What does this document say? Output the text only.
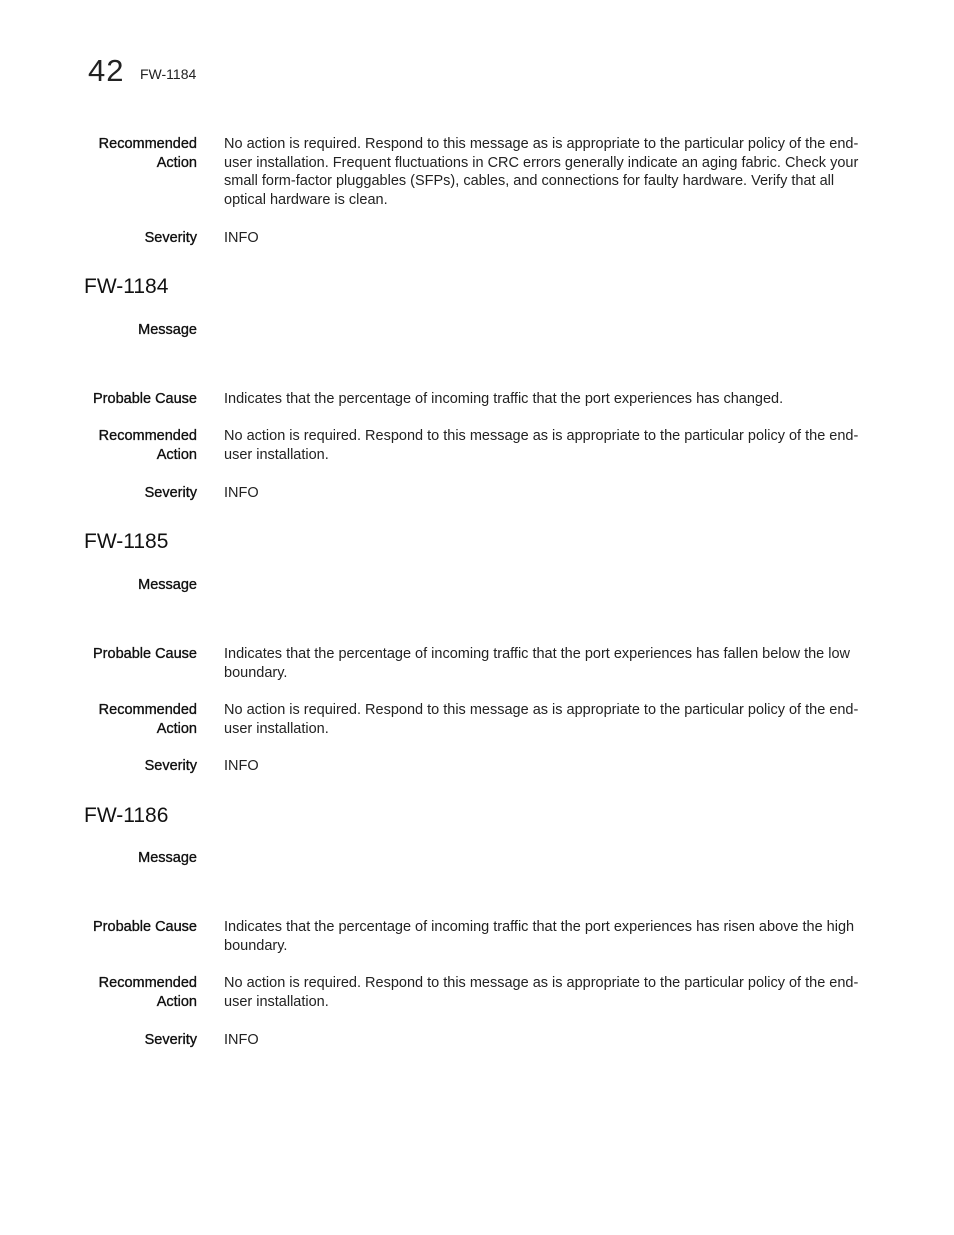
42 FW-1184
Recommended
Action
No action is required. Respond to this message as is appropriate to the particular policy of the end-user installation. Frequent fluctuations in CRC errors generally indicate an aging fabric. Check your small form-factor pluggables (SFPs), cables, and connections for faulty hardware. Verify that all optical hardware is clean.
Severity INFO
FW-1184
Message
Probable Cause Indicates that the percentage of incoming traffic that the port experiences has changed.
Recommended
Action
No action is required. Respond to this message as is appropriate to the particular policy of the end-user installation.
Severity INFO
FW-1185
Message
Probable Cause Indicates that the percentage of incoming traffic that the port experiences has fallen below the low boundary.
Recommended
Action
No action is required. Respond to this message as is appropriate to the particular policy of the end-user installation.
Severity INFO
FW-1186
Message
Probable Cause Indicates that the percentage of incoming traffic that the port experiences has risen above the high boundary.
Recommended
Action
No action is required. Respond to this message as is appropriate to the particular policy of the end-user installation.
Severity INFO
